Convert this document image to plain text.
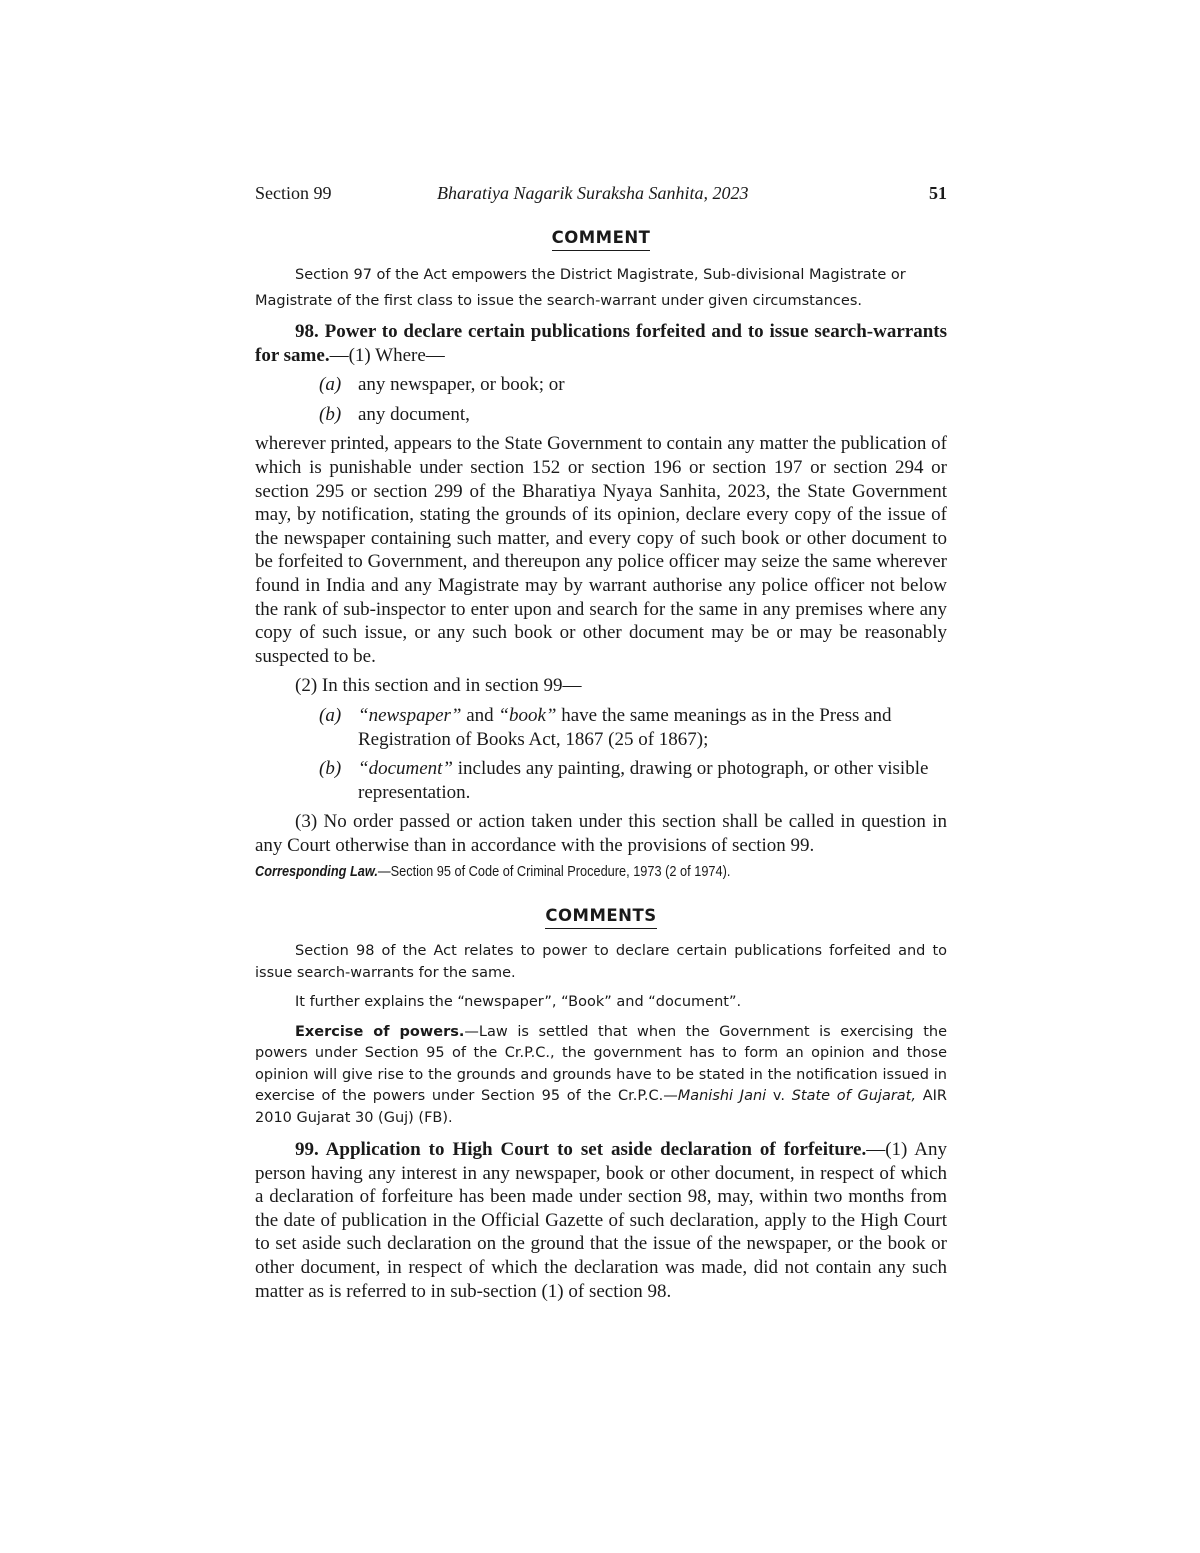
Section 99	Bharatiya Nagarik Suraksha Sanhita, 2023	51
COMMENT

Section 97 of the Act empowers the District Magistrate, Sub-divisional Magistrate or Magistrate of the first class to issue the search-warrant under given circumstances.

98. Power to declare certain publications forfeited and to issue search-warrants for same.—(1) Where—

(a) any newspaper, or book; or

(b) any document,

wherever printed, appears to the State Government to contain any matter the publication of which is punishable under section 152 or section 196 or section 197 or section 294 or section 295 or section 299 of the Bharatiya Nyaya Sanhita, 2023, the State Government may, by notification, stating the grounds of its opinion, declare every copy of the issue of the newspaper containing such matter, and every copy of such book or other document to be forfeited to Government, and thereupon any police officer may seize the same wherever found in India and any Magistrate may by warrant authorise any police officer not below the rank of sub-inspector to enter upon and search for the same in any premises where any copy of such issue, or any such book or other document may be or may be reasonably suspected to be.

(2) In this section and in section 99—

(a) “newspaper” and “book” have the same meanings as in the Press and Registration of Books Act, 1867 (25 of 1867);

(b) “document” includes any painting, drawing or photograph, or other visible representation.

(3) No order passed or action taken under this section shall be called in question in any Court otherwise than in accordance with the provisions of section 99.

Corresponding Law.—Section 95 of Code of Criminal Procedure, 1973 (2 of 1974).

COMMENTS

Section 98 of the Act relates to power to declare certain publications forfeited and to issue search-warrants for the same.

It further explains the “newspaper”, “Book” and “document”.

Exercise of powers.—Law is settled that when the Government is exercising the powers under Section 95 of the Cr.P.C., the government has to form an opinion and those opinion will give rise to the grounds and grounds have to be stated in the notification issued in exercise of the powers under Section 95 of the Cr.P.C.—Manishi Jani v. State of Gujarat, AIR 2010 Gujarat 30 (Guj) (FB).

99. Application to High Court to set aside declaration of forfeiture.—(1) Any person having any interest in any newspaper, book or other document, in respect of which a declaration of forfeiture has been made under section 98, may, within two months from the date of publication in the Official Gazette of such declaration, apply to the High Court to set aside such declaration on the ground that the issue of the newspaper, or the book or other document, in respect of which the declaration was made, did not contain any such matter as is referred to in sub-section (1) of section 98.
